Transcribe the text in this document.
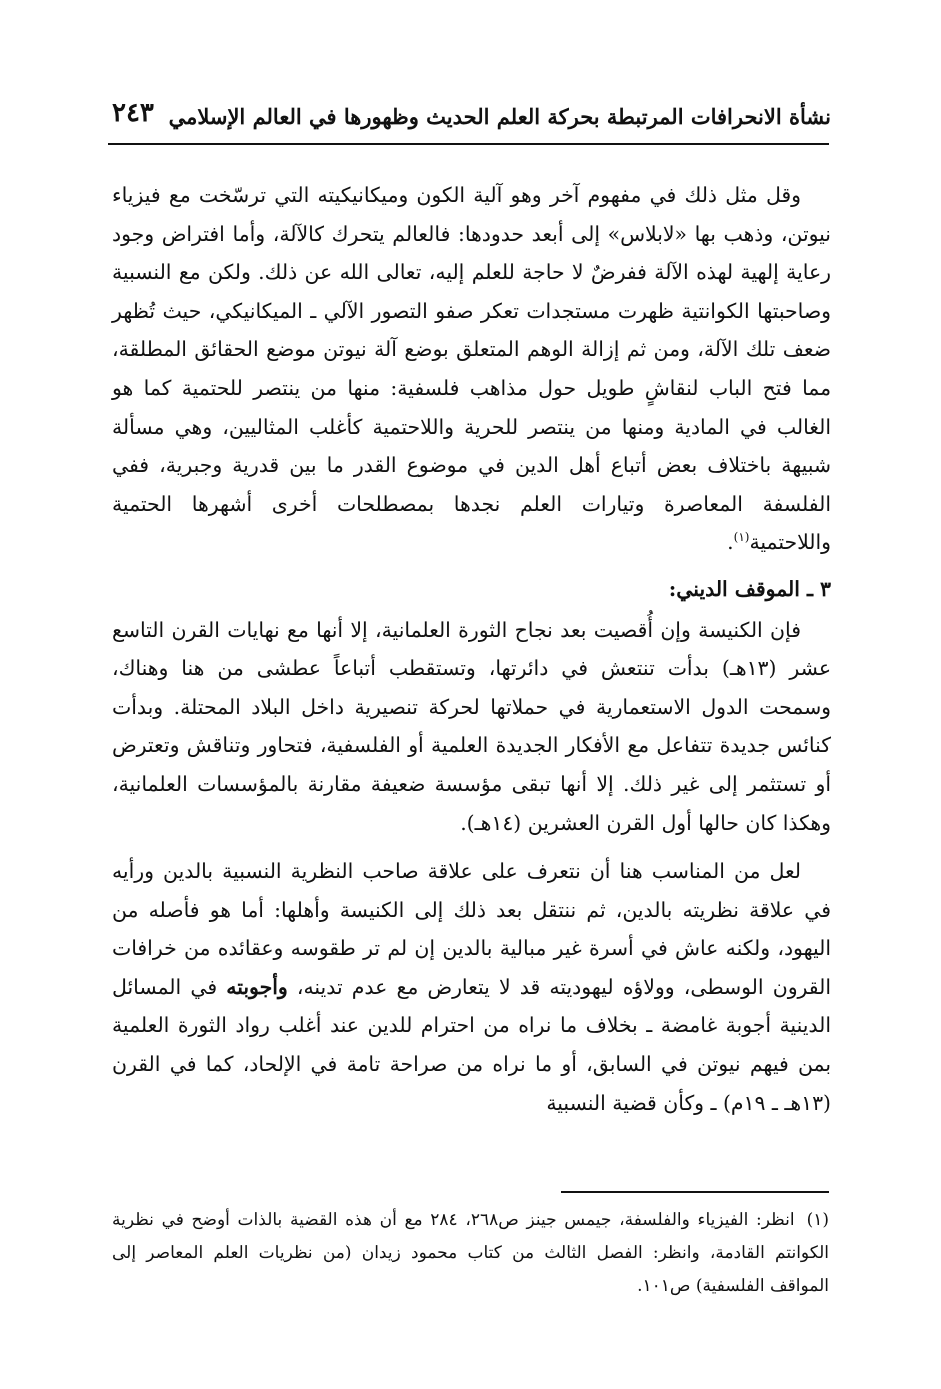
نشأة الانحرافات المرتبطة بحركة العلم الحديث وظهورها في العالم الإسلامي
٢٤٣

وقل مثل ذلك في مفهوم آخر وهو آلية الكون وميكانيكيته التي ترسّخت مع فيزياء نيوتن، وذهب بها «لابلاس» إلى أبعد حدودها: فالعالم يتحرك كالآلة، وأما افتراض وجود رعاية إلهية لهذه الآلة ففرضٌ لا حاجة للعلم إليه، تعالى الله عن ذلك. ولكن مع النسبية وصاحبتها الكوانتية ظهرت مستجدات تعكر صفو التصور الآلي ـ الميكانيكي، حيث تُظهر ضعف تلك الآلة، ومن ثم إزالة الوهم المتعلق بوضع آلة نيوتن موضع الحقائق المطلقة، مما فتح الباب لنقاشٍ طويل حول مذاهب فلسفية: منها من ينتصر للحتمية كما هو الغالب في المادية ومنها من ينتصر للحرية واللاحتمية كأغلب المثاليين، وهي مسألة شبيهة باختلاف بعض أتباع أهل الدين في موضوع القدر ما بين قدرية وجبرية، ففي الفلسفة المعاصرة وتيارات العلم نجدها بمصطلحات أخرى أشهرها الحتمية واللاحتمية$^{(١)}$.

٣ ـ الموقف الديني:

فإن الكنيسة وإن أُقصيت بعد نجاح الثورة العلمانية، إلا أنها مع نهايات القرن التاسع عشر (١٣هـ) بدأت تنتعش في دائرتها، وتستقطب أتباعاً عطشى من هنا وهناك، وسمحت الدول الاستعمارية في حملاتها لحركة تنصيرية داخل البلاد المحتلة. وبدأت كنائس جديدة تتفاعل مع الأفكار الجديدة العلمية أو الفلسفية، فتحاور وتناقش وتعترض أو تستثمر إلى غير ذلك. إلا أنها تبقى مؤسسة ضعيفة مقارنة بالمؤسسات العلمانية، وهكذا كان حالها أول القرن العشرين (١٤هـ).

لعل من المناسب هنا أن نتعرف على علاقة صاحب النظرية النسبية بالدين ورأيه في علاقة نظريته بالدين، ثم ننتقل بعد ذلك إلى الكنيسة وأهلها: أما هو فأصله من اليهود، ولكنه عاش في أسرة غير مبالية بالدين إن لم تر طقوسه وعقائده من خرافات القرون الوسطى، وولاؤه ليهوديته قد لا يتعارض مع عدم تدينه، وأجوبته في المسائل الدينية أجوبة غامضة ـ بخلاف ما نراه من احترام للدين عند أغلب رواد الثورة العلمية بمن فيهم نيوتن في السابق، أو ما نراه من صراحة تامة في الإلحاد، كما في القرن (١٣هـ ـ ١٩م) ـ وكأن قضية النسبية

(١)انظر: الفيزياء والفلسفة، جيمس جينز ص٢٦٨، ٢٨٤ مع أن هذه القضية بالذات أوضح في نظرية الكوانتم القادمة، وانظر: الفصل الثالث من كتاب محمود زيدان (من نظريات العلم المعاصر إلى المواقف الفلسفية) ص١٠١.
